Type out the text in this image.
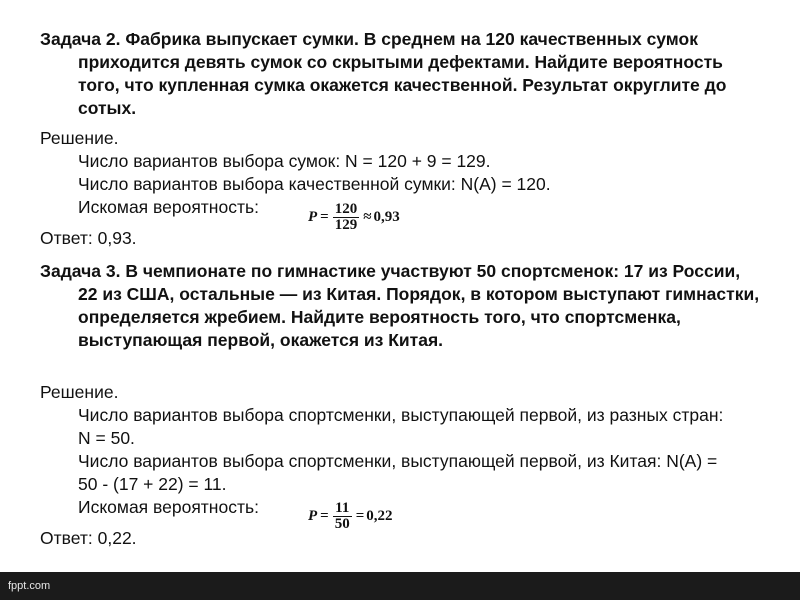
Задача 2. Фабрика выпускает сумки. В среднем на 120 качественных сумок приходится девять сумок со скрытыми дефектами. Найдите вероятность того, что купленная сумка окажется качественной. Результат округлите до сотых.
Решение.
Число вариантов выбора сумок: N = 120 + 9 = 129.
Число вариантов выбора качественной сумки: N(A) = 120.
Искомая вероятность:
Ответ: 0,93.
$P = \frac{120}{129} \approx 0,93$
Задача 3. В чемпионате по гимнастике участвуют 50 спортсменок: 17 из России, 22 из США, остальные — из Китая. Порядок, в котором выступают гимнастки, определяется жребием. Найдите вероятность того, что спортсменка, выступающая первой, окажется из Китая.
Решение.
Число вариантов выбора спортсменки, выступающей первой, из разных стран: N = 50.
Число вариантов выбора спортсменки, выступающей первой, из Китая: N(A) = 50 - (17 + 22) = 11.
Искомая вероятность:
Ответ: 0,22.
$P = \frac{11}{50} = 0,22$
fppt.com
